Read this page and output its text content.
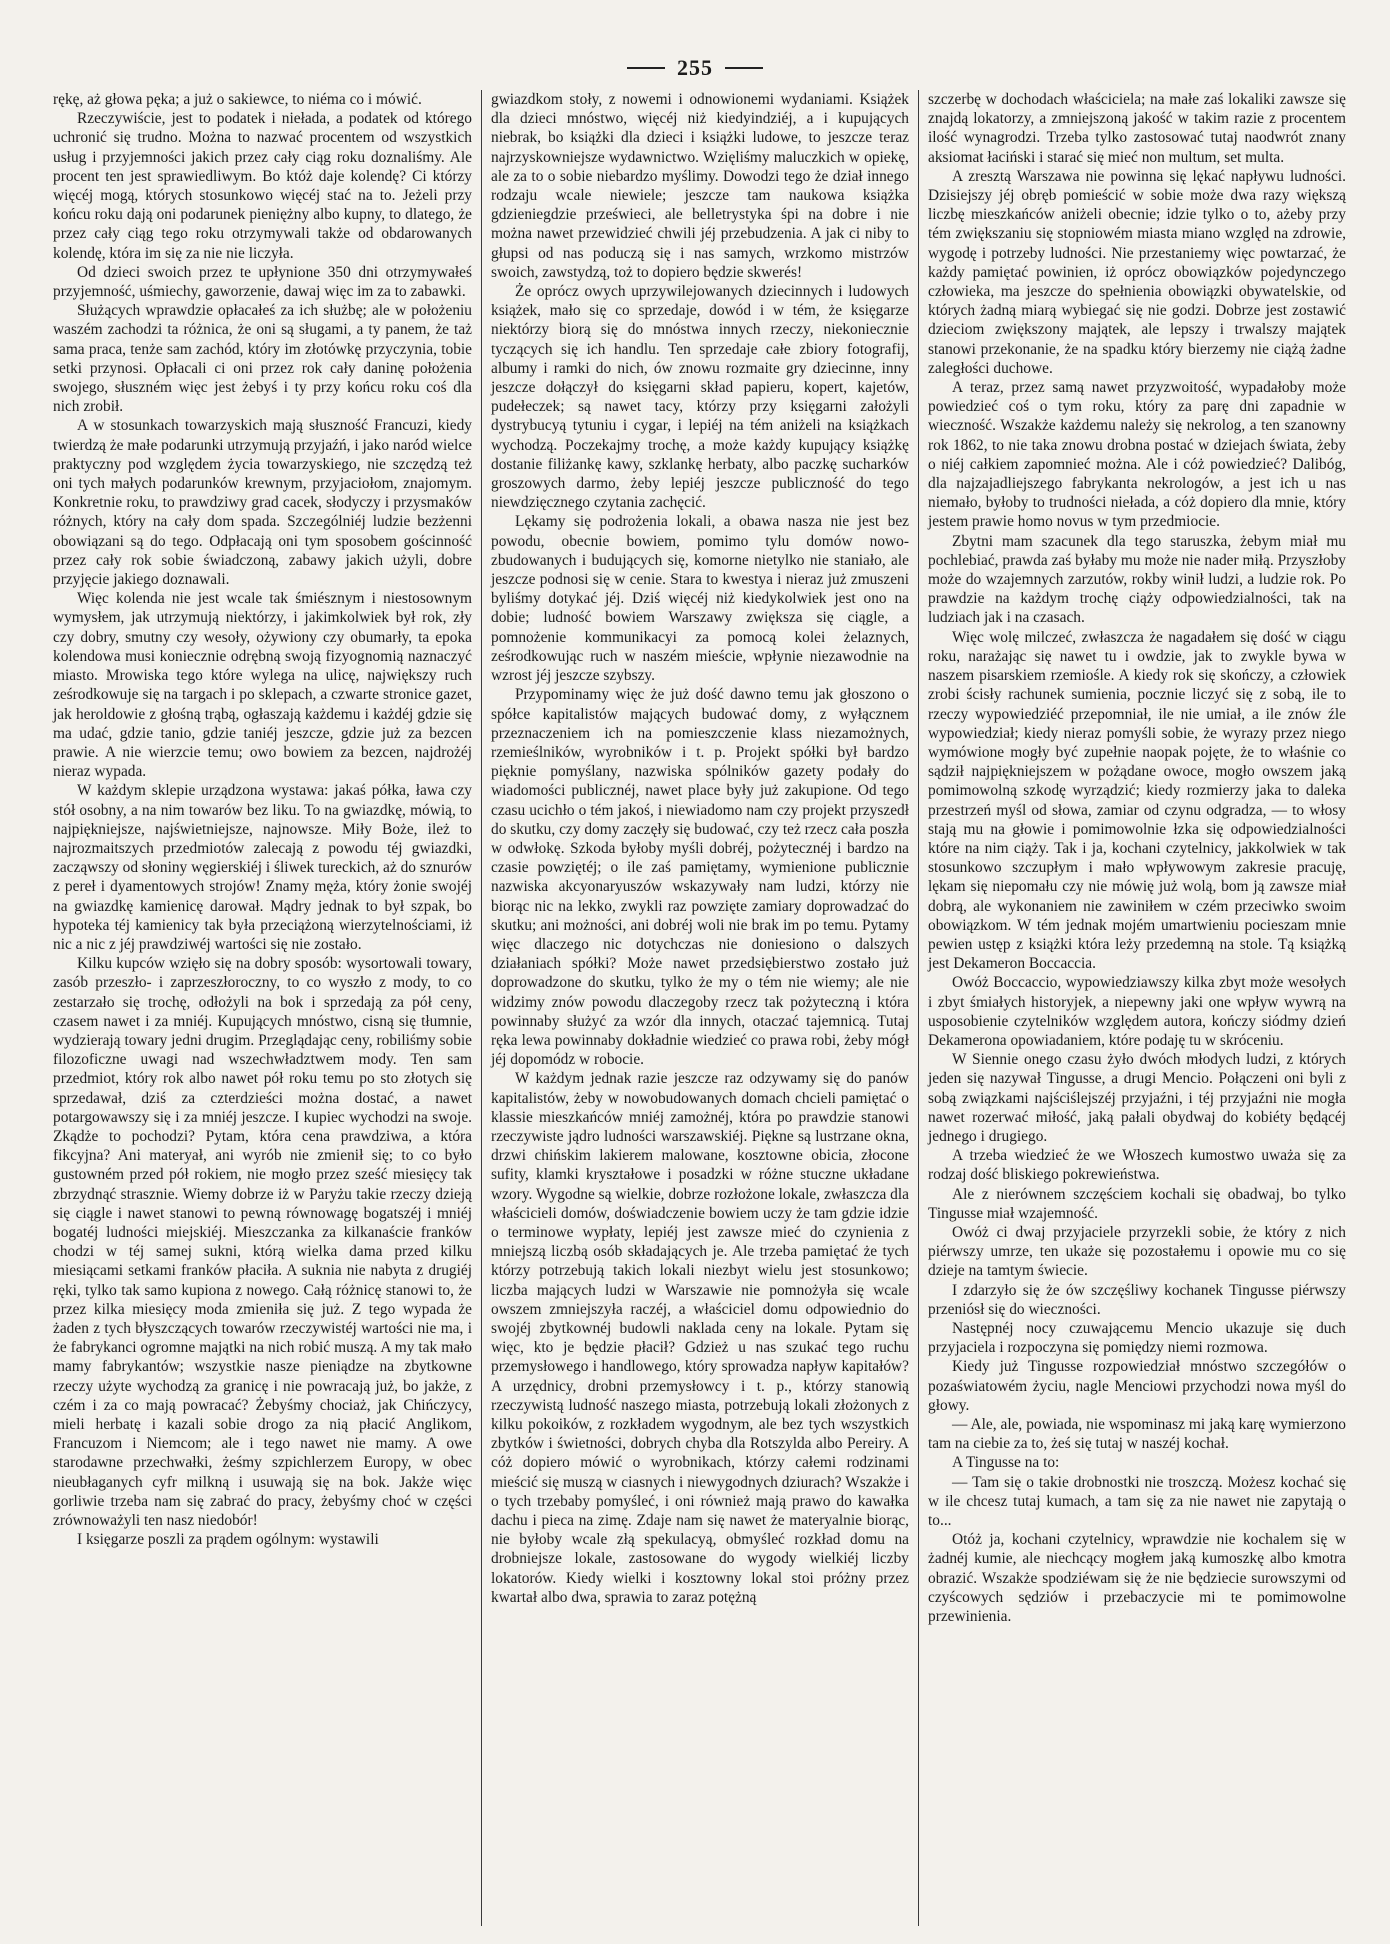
255

rękę, aż głowa pęka; a już o sakiewce, to niéma co i mówić.

Rzeczywiście, jest to podatek i niełada, a podatek od którego uchronić się trudno. Można to nazwać procentem od wszystkich usług i przyjemności jakich przez cały ciąg roku doznaliśmy. Ale procent ten jest sprawiedliwym. Bo któż daje kolendę? Ci którzy więcéj mogą, których stosunkowo więcéj stać na to. Jeżeli przy końcu roku dają oni podarunek pieniężny albo kupny, to dlatego, że przez cały ciąg tego roku otrzymywali także od obdarowanych kolendę, która im się za nie nie liczyła.

Od dzieci swoich przez te upłynione 350 dni otrzymywałeś przyjemność, uśmiechy, gaworzenie, dawaj więc im za to zabawki.

Służących wprawdzie opłacałeś za ich służbę; ale w położeniu waszém zachodzi ta różnica, że oni są sługami, a ty panem, że taż sama praca, tenże sam zachód, który im złotówkę przyczynia, tobie setki przynosi. Opłacali ci oni przez rok cały daninę położenia swojego, słuszném więc jest żebyś i ty przy końcu roku coś dla nich zrobił.

A w stosunkach towarzyskich mają słuszność Francuzi, kiedy twierdzą że małe podarunki utrzymują przyjaźń, i jako naród wielce praktyczny pod względem życia towarzyskiego, nie szczędzą też oni tych małych podarunków krewnym, przyjaciołom, znajomym. Konkretnie roku, to prawdziwy grad cacek, słodyczy i przysmaków różnych, który na cały dom spada. Szczególniéj ludzie bezżenni obowiązani są do tego. Odpłacają oni tym sposobem gościnność przez cały rok sobie świadczoną, zabawy jakich użyli, dobre przyjęcie jakiego doznawali.

Więc kolenda nie jest wcale tak śmiésznym i niestosownym wymysłem, jak utrzymują niektórzy, i jakimkolwiek był rok, zły czy dobry, smutny czy wesoły, ożywiony czy obumarły, ta epoka kolendowa musi koniecznie odrębną swoją fizyognomią naznaczyć miasto. Mrowiska tego które wylega na ulicę, największy ruch ześrodkowuje się na targach i po sklepach, a czwarte stronice gazet, jak heroldowie z głośną trąbą, ogłaszają każdemu i każdéj gdzie się ma udać, gdzie tanio, gdzie taniéj jeszcze, gdzie już za bezcen prawie. A nie wierzcie temu; owo bowiem za bezcen, najdrożéj nieraz wypada.

W każdym sklepie urządzona wystawa: jakaś półka, ława czy stół osobny, a na nim towarów bez liku. To na gwiazdkę, mówią, to najpiękniejsze, najświetniejsze, najnowsze. Miły Boże, ileż to najrozmaitszych przedmiotów zalecają z powodu téj gwiazdki, zacząwszy od słoniny węgierskiéj i śliwek tureckich, aż do sznurów z pereł i dyamentowych strojów! Znamy męża, który żonie swojéj na gwiazdkę kamienicę darował. Mądry jednak to był szpak, bo hypoteka téj kamienicy tak była przeciążoną wierzytelnościami, iż nic a nic z jéj prawdziwéj wartości się nie zostało.

Kilku kupców wzięło się na dobry sposób: wysortowali towary, zasób przeszło- i zaprzeszłoroczny, to co wyszło z mody, to co zestarzało się trochę, odłożyli na bok i sprzedają za pół ceny, czasem nawet i za mniéj. Kupujących mnóstwo, cisną się tłumnie, wydzierają towary jedni drugim. Przeglądając ceny, robiliśmy sobie filozoficzne uwagi nad wszechwładztwem mody. Ten sam przedmiot, który rok albo nawet pół roku temu po sto złotych się sprzedawał, dziś za czterdzieści można dostać, a nawet potargowawszy się i za mniéj jeszcze. I kupiec wychodzi na swoje. Zkądże to pochodzi? Pytam, która cena prawdziwa, a która fikcyjna? Ani materyał, ani wyrób nie zmienił się; to co było gustowném przed pół rokiem, nie mogło przez sześć miesięcy tak zbrzydnąć strasznie. Wiemy dobrze iż w Paryżu takie rzeczy dzieją się ciągle i nawet stanowi to pewną równowagę bogatszéj i mniéj bogatéj ludności miejskiéj. Mieszczanka za kilkanaście franków chodzi w téj samej sukni, którą wielka dama przed kilku miesiącami setkami franków płaciła. A suknia nie nabyta z drugiéj ręki, tylko tak samo kupiona z nowego. Całą różnicę stanowi to, że przez kilka miesięcy moda zmieniła się już. Z tego wypada że żaden z tych błyszczących towarów rzeczywistéj wartości nie ma, i że fabrykanci ogromne majątki na nich robić muszą. A my tak mało mamy fabrykantów; wszystkie nasze pieniądze na zbytkowne rzeczy użyte wychodzą za granicę i nie powracają już, bo jakże, z czém i za co mają powracać? Żebyśmy chociaż, jak Chińczycy, mieli herbatę i kazali sobie drogo za nią płacić Anglikom, Francuzom i Niemcom; ale i tego nawet nie mamy. A owe starodawne przechwałki, żeśmy szpichlerzem Europy, w obec nieubłaganych cyfr milkną i usuwają się na bok. Jakże więc gorliwie trzeba nam się zabrać do pracy, żebyśmy choć w części zrównoważyli ten nasz niedobór!

I księgarze poszli za prądem ogólnym: wystawili

gwiazdkom stoły, z nowemi i odnowionemi wydaniami. Książek dla dzieci mnóstwo, więcéj niż kiedyindziéj, a i kupujących niebrak, bo książki dla dzieci i książki ludowe, to jeszcze teraz najrzyskowniejsze wydawnictwo. Wzięliśmy maluczkich w opiekę, ale za to o sobie niebardzo myślimy. Dowodzi tego że dział innego rodzaju wcale niewiele; jeszcze tam naukowa książka gdzieniegdzie prześwieci, ale belletrystyka śpi na dobre i nie można nawet przewidzieć chwili jéj przebudzenia. A jak ci niby to głupsi od nas poduczą się i nas samych, wrzkomo mistrzów swoich, zawstydzą, toż to dopiero będzie skwerés!

Że oprócz owych uprzywilejowanych dziecinnych i ludowych książek, mało się co sprzedaje, dowód i w tém, że księgarze niektórzy biorą się do mnóstwa innych rzeczy, niekoniecznie tyczących się ich handlu. Ten sprzedaje całe zbiory fotografij, albumy i ramki do nich, ów znowu rozmaite gry dziecinne, inny jeszcze dołączył do księgarni skład papieru, kopert, kajetów, pudełeczek; są nawet tacy, którzy przy księgarni założyli dystrybucyą tytuniu i cygar, i lepiéj na tém aniżeli na książkach wychodzą. Poczekajmy trochę, a może każdy kupujący książkę dostanie filiżankę kawy, szklankę herbaty, albo paczkę sucharków groszowych darmo, żeby lepiéj jeszcze publiczność do tego niewdzięcznego czytania zachęcić.

Lękamy się podrożenia lokali, a obawa nasza nie jest bez powodu, obecnie bowiem, pomimo tylu domów nowo-zbudowanych i budujących się, komorne nietylko nie staniało, ale jeszcze podnosi się w cenie. Stara to kwestya i nieraz już zmuszeni byliśmy dotykać jéj. Dziś więcéj niż kiedykolwiek jest ono na dobie; ludność bowiem Warszawy zwiększa się ciągle, a pomnożenie kommunikacyi za pomocą kolei żelaznych, ześrodkowując ruch w naszém mieście, wpłynie niezawodnie na wzrost jéj jeszcze szybszy.

Przypominamy więc że już dość dawno temu jak głoszono o spółce kapitalistów mających budować domy, z wyłącznem przeznaczeniem ich na pomieszczenie klass niezamożnych, rzemieślników, wyrobników i t. p. Projekt spółki był bardzo pięknie pomyślany, nazwiska spólników gazety podały do wiadomości publicznéj, nawet place były już zakupione. Od tego czasu ucichło o tém jakoś, i niewiadomo nam czy projekt przyszedł do skutku, czy domy zaczęły się budować, czy też rzecz cała poszła w odwłokę. Szkoda byłoby myśli dobréj, pożytecznéj i bardzo na czasie powziętéj; o ile zaś pamiętamy, wymienione publicznie nazwiska akcyonaryuszów wskazywały nam ludzi, którzy nie biorąc nic na lekko, zwykli raz powzięte zamiary doprowadzać do skutku; ani możności, ani dobréj woli nie brak im po temu. Pytamy więc dlaczego nic dotychczas nie doniesiono o dalszych działaniach spółki? Może nawet przedsiębierstwo zostało już doprowadzone do skutku, tylko że my o tém nie wiemy; ale nie widzimy znów powodu dlaczegoby rzecz tak pożyteczną i która powinnaby służyć za wzór dla innych, otaczać tajemnicą. Tutaj ręka lewa powinnaby dokładnie wiedzieć co prawa robi, żeby mógł jéj dopomódz w robocie.

W każdym jednak razie jeszcze raz odzywamy się do panów kapitalistów, żeby w nowobudowanych domach chcieli pamiętać o klassie mieszkańców mniéj zamożnéj, która po prawdzie stanowi rzeczywiste jądro ludności warszawskiéj. Piękne są lustrzane okna, drzwi chińskim lakierem malowane, kosztowne obicia, złocone sufity, klamki kryształowe i posadzki w różne stuczne układane wzory. Wygodne są wielkie, dobrze rozłożone lokale, zwłaszcza dla właścicieli domów, doświadczenie bowiem uczy że tam gdzie idzie o terminowe wypłaty, lepiéj jest zawsze mieć do czynienia z mniejszą liczbą osób składających je. Ale trzeba pamiętać że tych którzy potrzebują takich lokali niezbyt wielu jest stosunkowo; liczba mających ludzi w Warszawie nie pomnożyła się wcale owszem zmniejszyła raczéj, a właściciel domu odpowiednio do swojéj zbytkownéj budowli naklada ceny na lokale. Pytam się więc, kto je będzie płacił? Gdzież u nas szukać tego ruchu przemysłowego i handlowego, który sprowadza napływ kapitałów? A urzędnicy, drobni przemysłowcy i t. p., którzy stanowią rzeczywistą ludność naszego miasta, potrzebują lokali złożonych z kilku pokoików, z rozkładem wygodnym, ale bez tych wszystkich zbytków i świetności, dobrych chyba dla Rotszylda albo Pereiry. A cóż dopiero mówić o wyrobnikach, którzy całemi rodzinami mieścić się muszą w ciasnych i niewygodnych dziurach? Wszakże i o tych trzebaby pomyśleć, i oni również mają prawo do kawałka dachu i pieca na zimę. Zdaje nam się nawet że materyalnie biorąc, nie byłoby wcale złą spekulacyą, obmyśleć rozkład domu na drobniejsze lokale, zastosowane do wygody wielkiéj liczby lokatorów. Kiedy wielki i kosztowny lokal stoi próżny przez kwartał albo dwa, sprawia to zaraz potężną

szczerbę w dochodach właściciela; na małe zaś lokaliki zawsze się znajdą lokatorzy, a zmniejszoną jakość w takim razie z procentem ilość wynagrodzi. Trzeba tylko zastosować tutaj naodwrót znany aksiomat łaciński i starać się mieć non multum, set multa.

A zresztą Warszawa nie powinna się lękać napływu ludności. Dzisiejszy jéj obręb pomieścić w sobie może dwa razy większą liczbę mieszkańców aniżeli obecnie; idzie tylko o to, ażeby przy tém zwiększaniu się stopniowém miasta miano względ na zdrowie, wygodę i potrzeby ludności. Nie przestaniemy więc powtarzać, że każdy pamiętać powinien, iż oprócz obowiązków pojedynczego człowieka, ma jeszcze do spełnienia obowiązki obywatelskie, od których żadną miarą wybiegać się nie godzi. Dobrze jest zostawić dzieciom zwiększony majątek, ale lepszy i trwalszy majątek stanowi przekonanie, że na spadku który bierzemy nie ciążą żadne zaległości duchowe.

A teraz, przez samą nawet przyzwoitość, wypadałoby może powiedzieć coś o tym roku, który za parę dni zapadnie w wieczność. Wszakże każdemu należy się nekrolog, a ten szanowny rok 1862, to nie taka znowu drobna postać w dziejach świata, żeby o niéj całkiem zapomnieć można. Ale i cóż powiedzieć? Dalibóg, dla najzajadliejszego fabrykanta nekrologów, a jest ich u nas niemało, byłoby to trudności niełada, a cóż dopiero dla mnie, który jestem prawie homo novus w tym przedmiocie.

Zbytni mam szacunek dla tego staruszka, żebym miał mu pochlebiać, prawda zaś byłaby mu może nie nader miłą. Przyszłoby może do wzajemnych zarzutów, rokby winił ludzi, a ludzie rok. Po prawdzie na każdym trochę ciąży odpowiedzialności, tak na ludziach jak i na czasach.

Więc wolę milczeć, zwłaszcza że nagadałem się dość w ciągu roku, narażając się nawet tu i owdzie, jak to zwykle bywa w naszem pisarskiem rzemiośle. A kiedy rok się skończy, a człowiek zrobi ścisły rachunek sumienia, pocznie liczyć się z sobą, ile to rzeczy wypowiedziéć przepomniał, ile nie umiał, a ile znów źle wypowiedział; kiedy nieraz pomyśli sobie, że wyrazy przez niego wymówione mogły być zupełnie naopak pojęte, że to właśnie co sądził najpiękniejszem w pożądane owoce, mogło owszem jaką pomimowolną szkodę wyrządzić; kiedy rozmierzy jaka to daleka przestrzeń myśl od słowa, zamiar od czynu odgradza, — to włosy stają mu na głowie i pomimowolnie łzka się odpowiedzialności które na nim ciąży. Tak i ja, kochani czytelnicy, jakkolwiek w tak stosunkowo szczupłym i mało wpływowym zakresie pracuję, lękam się niepomału czy nie mówię już wolą, bom ją zawsze miał dobrą, ale wykonaniem nie zawiniłem w czém przeciwko swoim obowiązkom. W tém jednak mojém umartwieniu pocieszam mnie pewien ustęp z książki która leży przedemną na stole. Tą książką jest Dekameron Boccaccia.

Owóż Boccaccio, wypowiedziawszy kilka zbyt może wesołych i zbyt śmiałych historyjek, a niepewny jaki one wpływ wywrą na usposobienie czytelników względem autora, kończy siódmy dzień Dekamerona opowiadaniem, które podaję tu w skróceniu.

W Siennie onego czasu żyło dwóch młodych ludzi, z których jeden się nazywał Tingusse, a drugi Mencio. Połączeni oni byli z sobą związkami najściślejszéj przyjaźni, i téj przyjaźni nie mogła nawet rozerwać miłość, jaką pałali obydwaj do kobiéty będącéj jednego i drugiego.

A trzeba wiedzieć że we Włoszech kumostwo uważa się za rodzaj dość bliskiego pokrewieństwa.

Ale z nierównem szczęściem kochali się obadwaj, bo tylko Tingusse miał wzajemność.

Owóż ci dwaj przyjaciele przyrzekli sobie, że który z nich piérwszy umrze, ten ukaże się pozostałemu i opowie mu co się dzieje na tamtym świecie.

I zdarzyło się że ów szczęśliwy kochanek Tingusse piérwszy przeniósł się do wieczności.

Następnéj nocy czuwającemu Mencio ukazuje się duch przyjaciela i rozpoczyna się pomiędzy niemi rozmowa.

Kiedy już Tingusse rozpowiedział mnóstwo szczegółów o pozaświatowém życiu, nagle Menciowi przychodzi nowa myśl do głowy.

— Ale, ale, powiada, nie wspominasz mi jaką karę wymierzono tam na ciebie za to, żeś się tutaj w naszéj kochał.

A Tingusse na to:

— Tam się o takie drobnostki nie troszczą. Możesz kochać się w ile chcesz tutaj kumach, a tam się za nie nawet nie zapytają o to...

Otóż ja, kochani czytelnicy, wprawdzie nie kochalem się w żadnéj kumie, ale niechcący mogłem jaką kumoszkę albo kmotra obrazić. Wszakże spodziéwam się że nie będziecie surowszymi od czyścowych sędziów i przebaczycie mi te pomimowolne przewinienia.
